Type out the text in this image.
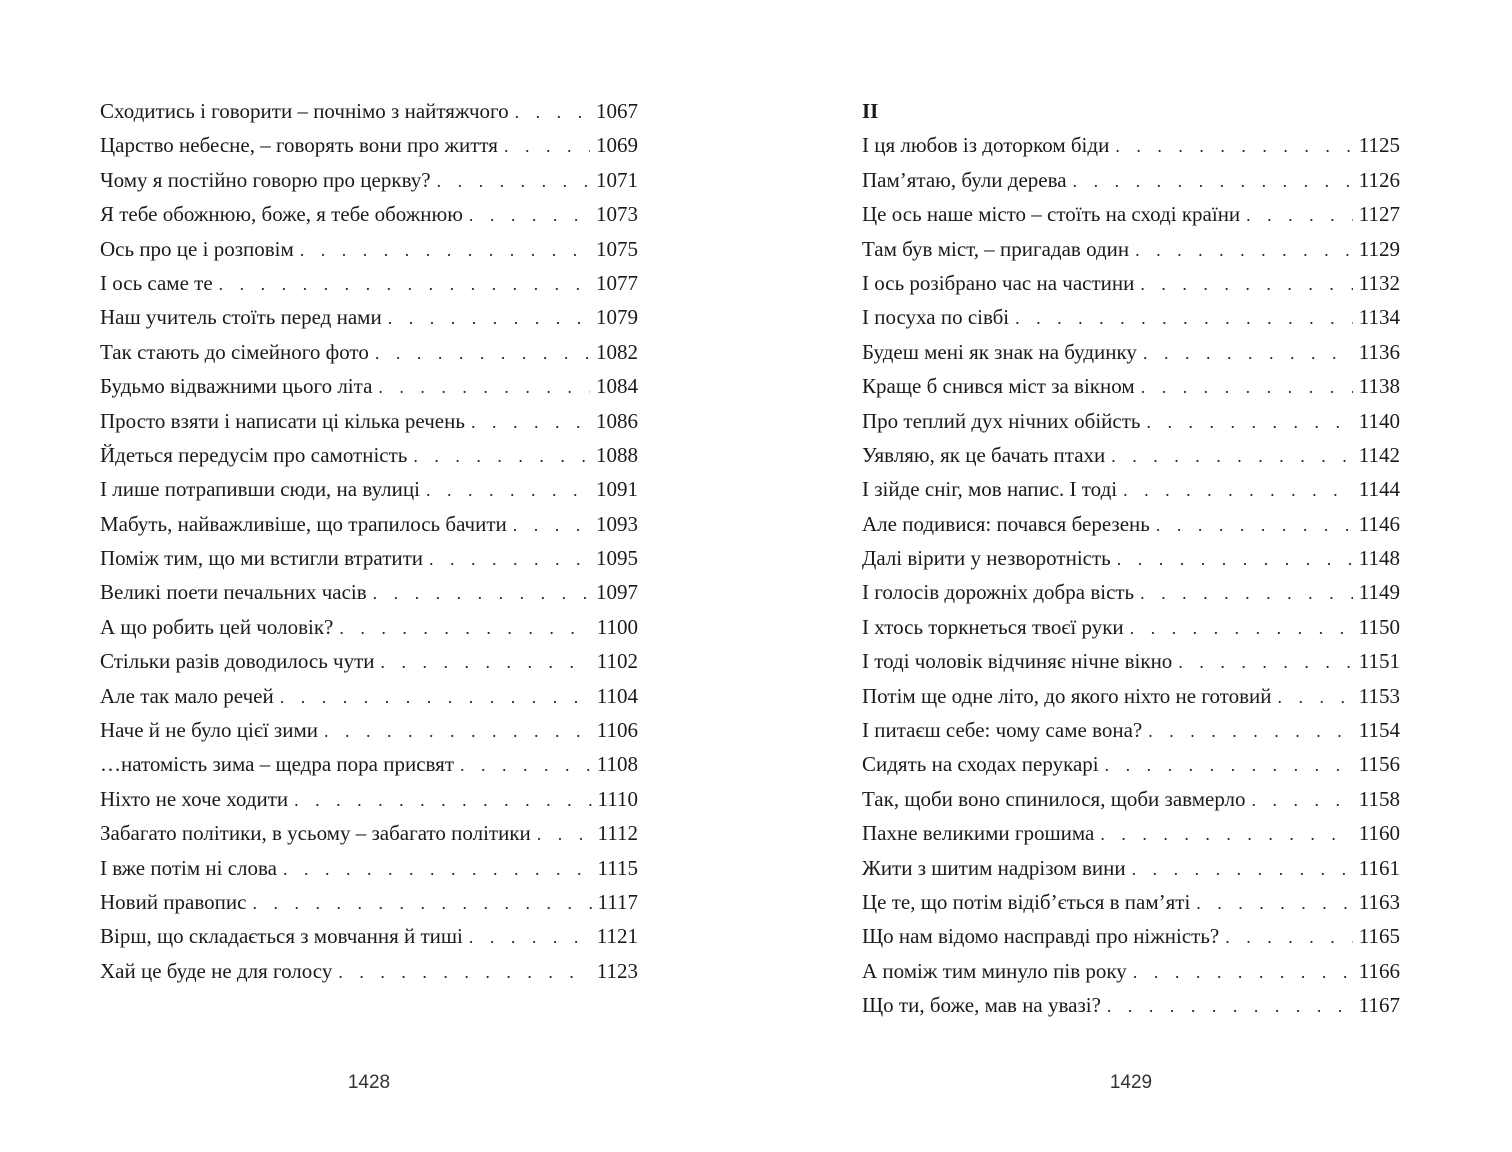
Сходитись і говорити – почнімо з найтяжчого . . .	1067
Царство небесне, – говорять вони про життя . . .	1069
Чому я постійно говорю про церкву? . . .	1071
Я тебе обожнюю, боже, я тебе обожнюю . . .	1073
Ось про це і розповім . . .	1075
І ось саме те . . .	1077
Наш учитель стоїть перед нами . . .	1079
Так стають до сімейного фото . . .	1082
Будьмо відважними цього літа . . .	1084
Просто взяти і написати ці кілька речень . . .	1086
Йдеться передусім про самотність . . .	1088
І лише потрапивши сюди, на вулиці . . .	1091
Мабуть, найважливіше, що трапилось бачити . . .	1093
Поміж тим, що ми встигли втратити . . .	1095
Великі поети печальних часів . . .	1097
А що робить цей чоловік? . . .	1100
Стільки разів доводилось чути . . .	1102
Але так мало речей . . .	1104
Наче й не було цієї зими . . .	1106
…натомість зима – щедра пора присвят . . .	1108
Ніхто не хоче ходити . . .	1110
Забагато політики, в усьому – забагато політики . . .	1112
І вже потім ні слова . . .	1115
Новий правопис . . .	1117
Вірш, що складається з мовчання й тиші . . .	1121
Хай це буде не для голосу . . .	1123
1428
II
І ця любов із доторком біди . . .	1125
Пам’ятаю, були дерева . . .	1126
Це ось наше місто – стоїть на сході країни . . .	1127
Там був міст, – пригадав один . . .	1129
І ось розібрано час на частини . . .	1132
І посуха по сівбі . . .	1134
Будеш мені як знак на будинку . . .	1136
Краще б снився міст за вікном . . .	1138
Про теплий дух нічних обійсть . . .	1140
Уявляю, як це бачать птахи . . .	1142
І зійде сніг, мов напис. І тоді . . .	1144
Але подивися: почався березень . . .	1146
Далі вірити у незворотність . . .	1148
І голосів дорожніх добра вість . . .	1149
І хтось торкнеться твоєї руки . . .	1150
І тоді чоловік відчиняє нічне вікно . . .	1151
Потім ще одне літо, до якого ніхто не готовий . . .	1153
І питаєш себе: чому саме вона? . . .	1154
Сидять на сходах перукарі . . .	1156
Так, щоби воно спинилося, щоби завмерло . . .	1158
Пахне великими грошима . . .	1160
Жити з шитим надрізом вини . . .	1161
Це те, що потім відіб’ється в пам’яті . . .	1163
Що нам відомо насправді про ніжність? . . .	1165
А поміж тим минуло пів року . . .	1166
Що ти, боже, мав на увазі? . . .	1167
1429
